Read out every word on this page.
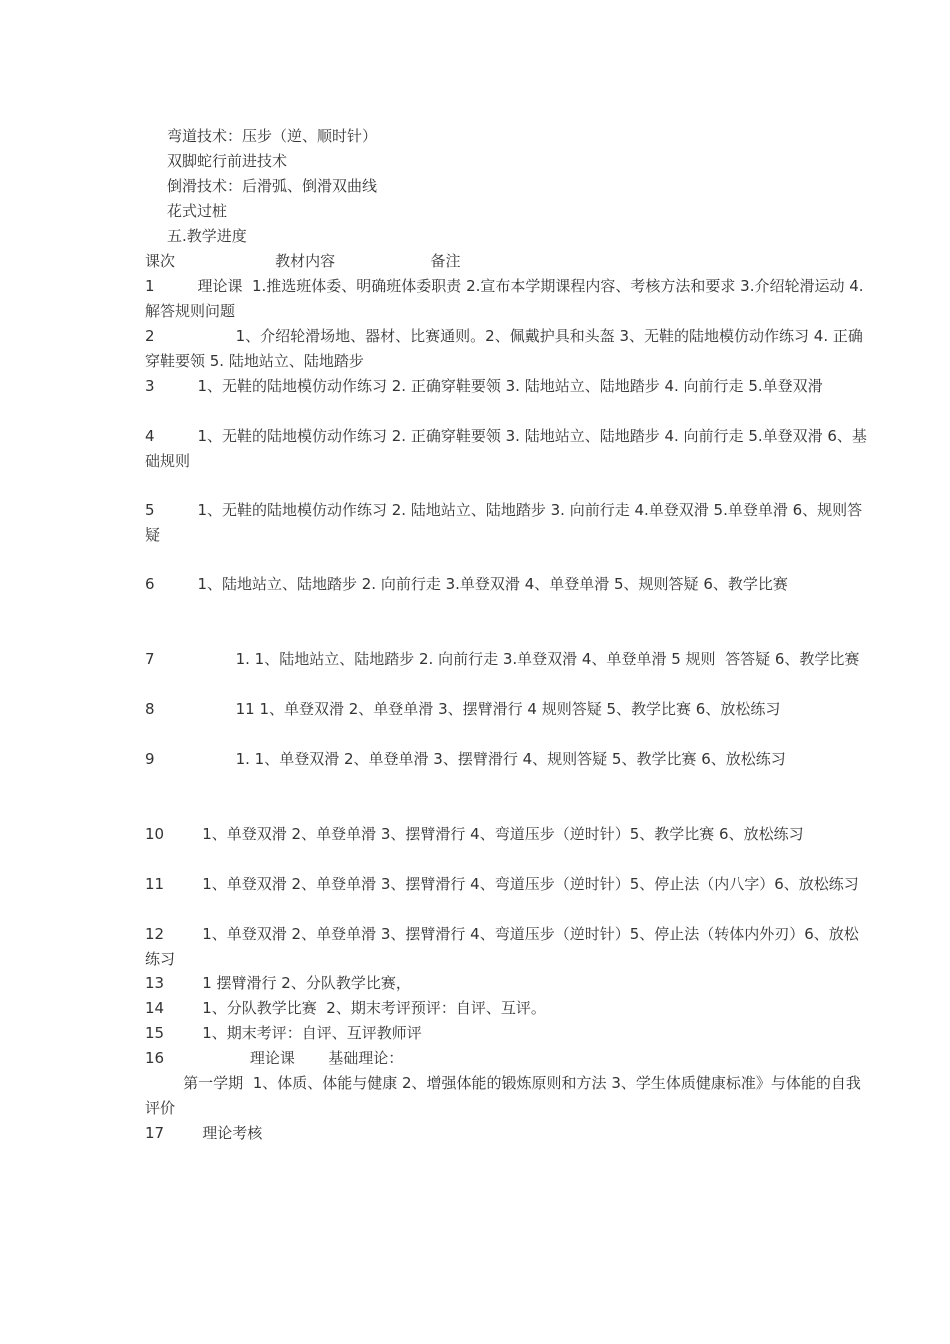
弯道技术：压步（逆、顺时针）

双脚蛇行前进技术

倒滑技术：后滑弧、倒滑双曲线

花式过桩

五.教学进度

课次                     教材内容                    备注

1         理论课  1.推选班体委、明确班体委职责 2.宣布本学期课程内容、考核方法和要求 3.介绍轮滑运动 4.解答规则问题

2                 1、介绍轮滑场地、器材、比赛通则。2、佩戴护具和头盔 3、无鞋的陆地模仿动作练习 4. 正确穿鞋要领 5. 陆地站立、陆地踏步

3         1、无鞋的陆地模仿动作练习 2. 正确穿鞋要领 3. 陆地站立、陆地踏步 4. 向前行走 5.单登双滑

4         1、无鞋的陆地模仿动作练习 2. 正确穿鞋要领 3. 陆地站立、陆地踏步 4. 向前行走 5.单登双滑 6、基础规则

5         1、无鞋的陆地模仿动作练习 2. 陆地站立、陆地踏步 3. 向前行走 4.单登双滑 5.单登单滑 6、规则答疑

6         1、陆地站立、陆地踏步 2. 向前行走 3.单登双滑 4、单登单滑 5、规则答疑 6、教学比赛

7                 1. 1、陆地站立、陆地踏步 2. 向前行走 3.单登双滑 4、单登单滑 5 规则  答答疑 6、教学比赛

8                 11 1、单登双滑 2、单登单滑 3、摆臂滑行 4 规则答疑 5、教学比赛 6、放松练习

9                 1. 1、单登双滑 2、单登单滑 3、摆臂滑行 4、规则答疑 5、教学比赛 6、放松练习

10        1、单登双滑 2、单登单滑 3、摆臂滑行 4、弯道压步（逆时针）5、教学比赛 6、放松练习

11        1、单登双滑 2、单登单滑 3、摆臂滑行 4、弯道压步（逆时针）5、停止法（内八字）6、放松练习

12        1、单登双滑 2、单登单滑 3、摆臂滑行 4、弯道压步（逆时针）5、停止法（转体内外刃）6、放松练习

13        1 摆臂滑行 2、分队教学比赛，

14        1、分队教学比赛  2、期末考评预评：自评、互评。

15        1、期末考评：自评、互评教师评

16                  理论课       基础理论：

第一学期  1、体质、体能与健康 2、增强体能的锻炼原则和方法 3、学生体质健康标准》与体能的自我评价

17        理论考核
